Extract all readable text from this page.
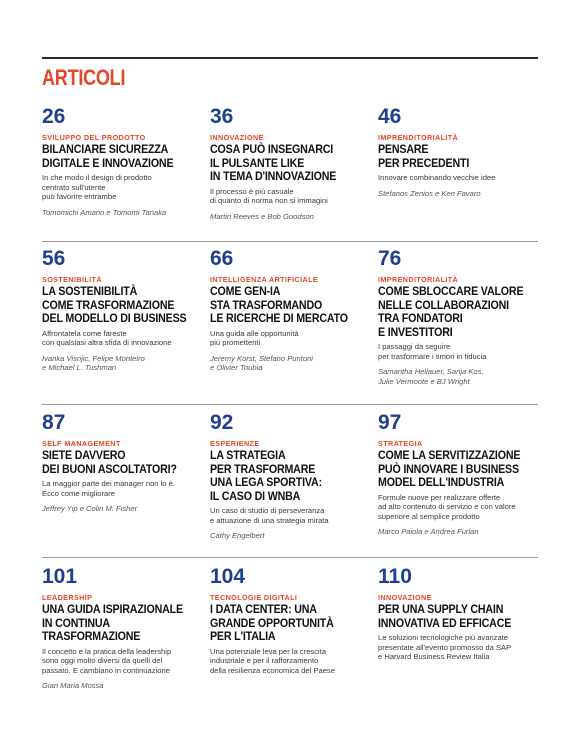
ARTICOLI
26
SVILUPPO DEL PRODOTTO
BILANCIARE SICUREZZA
DIGITALE E INNOVAZIONE
In che modo il design di prodotto
centrato sull'utente
può favorire entrambe
Tomomichi Amano e Tomomi Tanaka
36
INNOVAZIONE
COSA PUÒ INSEGNARCI
IL PULSANTE LIKE
IN TEMA D'INNOVAZIONE
Il processo è più casuale
di quanto di norma non si immagini
Martin Reeves e Bob Goodson
46
IMPRENDITORIALITÀ
PENSARE
PER PRECEDENTI
Innovare combinando vecchie idee
Stefanos Zenios e Ken Favaro
56
SOSTENIBILITÀ
LA SOSTENIBILITÀ
COME TRASFORMAZIONE
DEL MODELLO DI BUSINESS
Affrontatela come fareste
con qualsiasi altra sfida di innovazione
Ivanka Visnjic, Felipe Monteiro
e Michael L. Tushman
66
INTELLIGENZA ARTIFICIALE
COME GEN-IA
STA TRASFORMANDO
LE RICERCHE DI MERCATO
Una guida alle opportunità
più promettenti
Jeremy Korst, Stefano Puntoni
e Olivier Toubia
76
IMPRENDITORIALITÀ
COME SBLOCCARE VALORE
NELLE COLLABORAZIONI
TRA FONDATORI
E INVESTITORI
I passaggi da seguire
per trasformare i timori in fiducia
Samantha Hellauer, Sanja Kos,
Julie Vermoote e BJ Wright
87
SELF MANAGEMENT
SIETE DAVVERO
DEI BUONI ASCOLTATORI?
La maggior parte dei manager non lo è.
Ecco come migliorare
Jeffrey Yip e Colin M. Fisher
92
ESPERIENZE
LA STRATEGIA
PER TRASFORMARE
UNA LEGA SPORTIVA:
IL CASO DI WNBA
Un caso di studio di perseveranza
e attuazione di una strategia mirata
Cathy Engelbert
97
STRATEGIA
COME LA SERVITIZZAZIONE
PUÒ INNOVARE I BUSINESS
MODEL DELL'INDUSTRIA
Formule nuove per realizzare offerte
ad alto contenuto di servizio e con valore
superiore al semplice prodotto
Marco Paiola e Andrea Furlan
101
LEADERSHIP
UNA GUIDA ISPIRAZIONALE
IN CONTINUA
TRASFORMAZIONE
Il concetto e la pratica della leadership
sono oggi molto diversi da quelli del
passato. E cambiano in continuazione
Gian Maria Mossa
104
TECNOLOGIE DIGITALI
I DATA CENTER: UNA
GRANDE OPPORTUNITÀ
PER L'ITALIA
Una potenziale leva per la crescita
industriale e per il rafforzamento
della resilienza economica del Paese
110
INNOVAZIONE
PER UNA SUPPLY CHAIN
INNOVATIVA ED EFFICACE
Le soluzioni tecnologiche più avanzate
presentate all'evento promosso da SAP
e Harvard Business Review Italia
